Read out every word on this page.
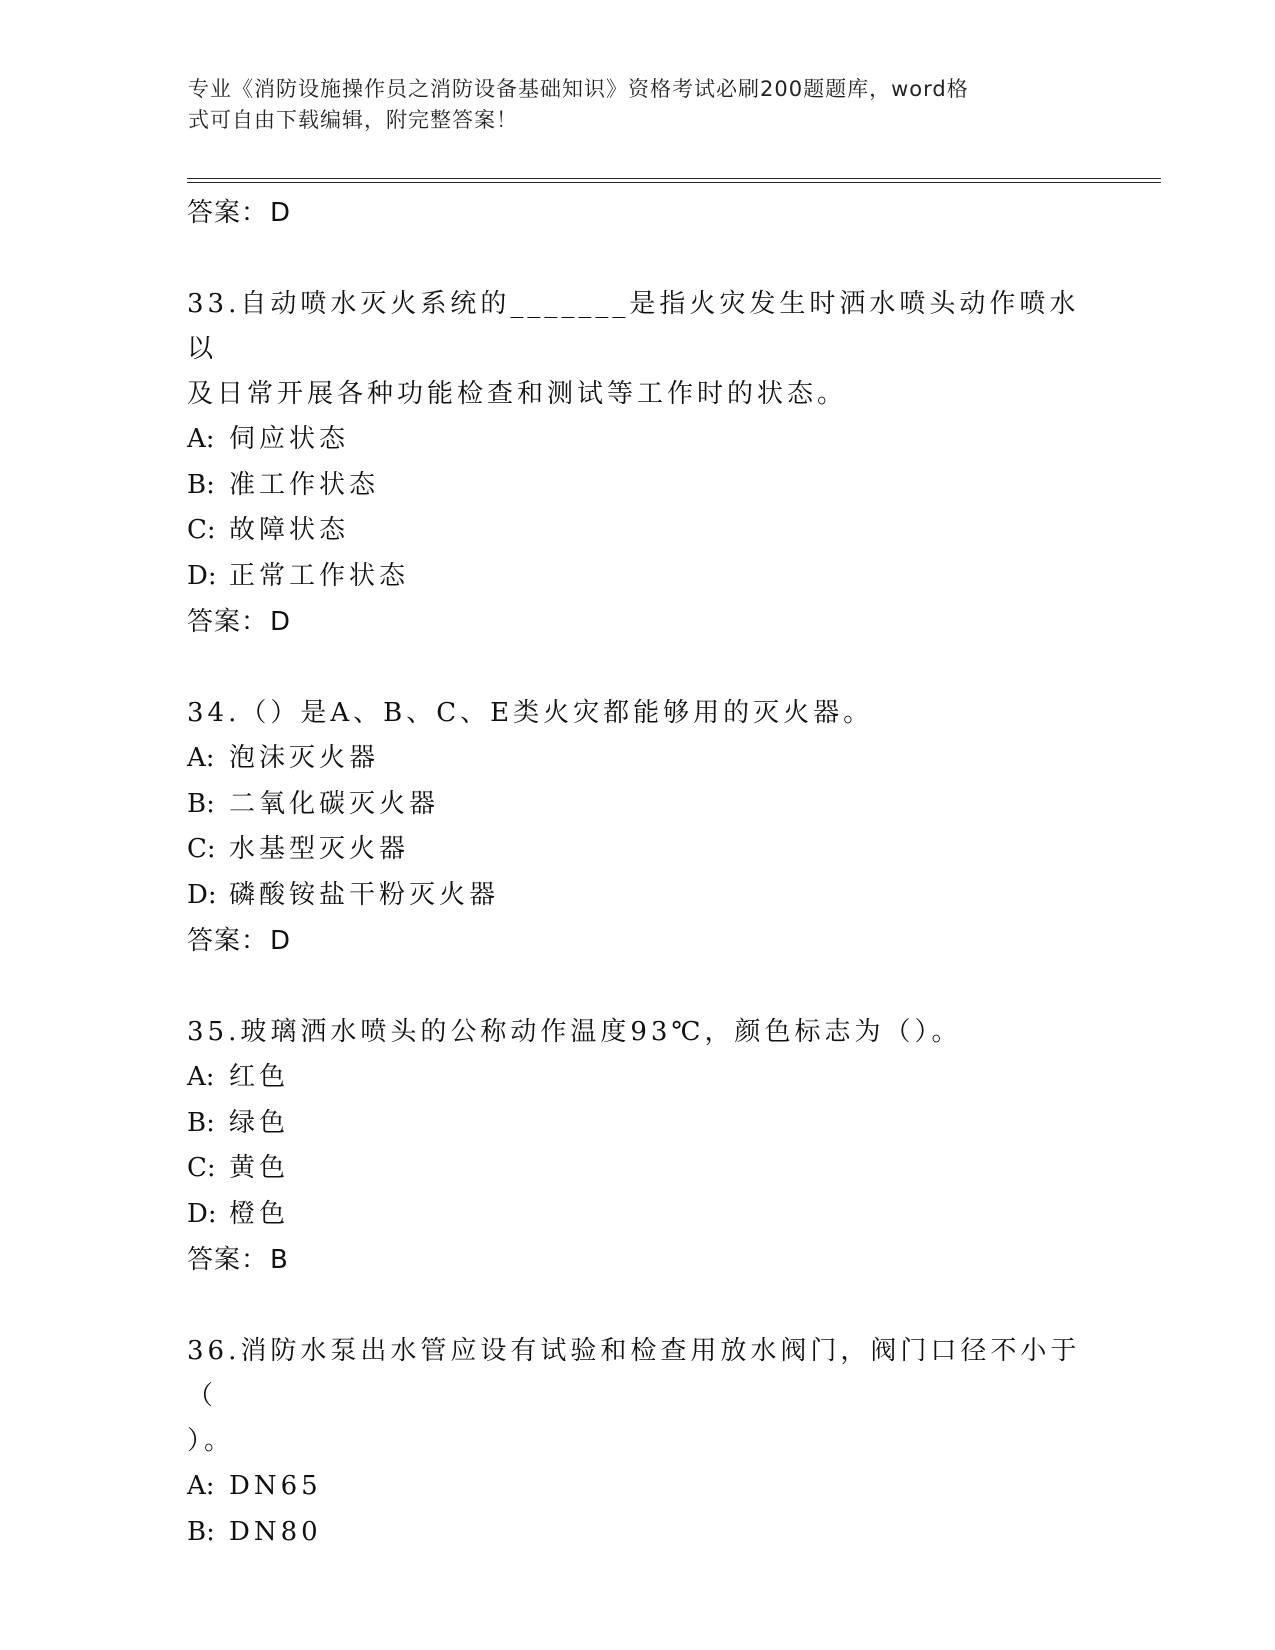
专业《消防设施操作员之消防设备基础知识》资格考试必刷200题题库，word格
式可自由下载编辑，附完整答案！
答案：D
33.自动喷水灭火系统的_______是指火灾发生时洒水喷头动作喷水以
及日常开展各种功能检查和测试等工作时的状态。
A: 伺应状态
B: 准工作状态
C: 故障状态
D: 正常工作状态
答案：D
34.（）是A、B、C、E类火灾都能够用的灭火器。
A: 泡沫灭火器
B: 二氧化碳灭火器
C: 水基型灭火器
D: 磷酸铵盐干粉灭火器
答案：D
35.玻璃洒水喷头的公称动作温度93℃，颜色标志为（）。
A: 红色
B: 绿色
C: 黄色
D: 橙色
答案：B
36.消防水泵出水管应设有试验和检查用放水阀门，阀门口径不小于（
）。
A: DN65
B: DN80
